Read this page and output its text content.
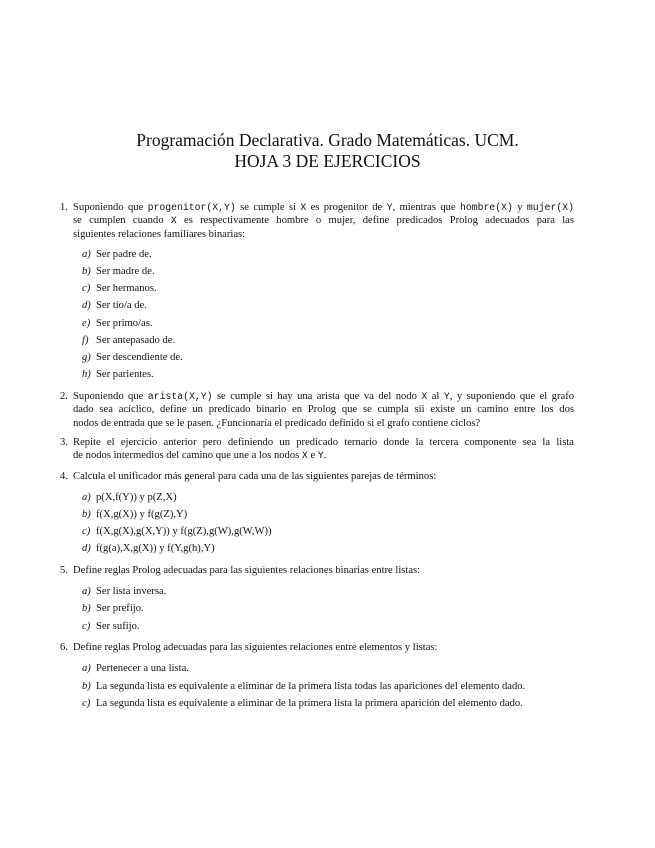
Programación Declarativa. Grado Matemáticas. UCM.
HOJA 3 DE EJERCICIOS
1. Suponiendo que progenitor(X,Y) se cumple si X es progenitor de Y, mientras que hombre(X) y mujer(X)
se cumplen cuando X es respectivamente hombre o mujer, define predicados Prolog adecuados para las
siguientes relaciones familiares binarias:
a) Ser padre de.
b) Ser madre de.
c) Ser hermanos.
d) Ser tío/a de.
e) Ser primo/as.
f) Ser antepasado de.
g) Ser descendiente de.
h) Ser parientes.
2. Suponiendo que arista(X,Y) se cumple si hay una arista que va del nodo X al Y, y suponiendo que el grafo
dado sea acíclico, define un predicado binario en Prolog que se cumpla sii existe un camino entre los dos
nodos de entrada que se le pasen. ¿Funcionaría el predicado definido si el grafo contiene ciclos?
3. Repite el ejercicio anterior pero definiendo un predicado ternario donde la tercera componente sea la lista
de nodos intermedios del camino que une a los nodos X e Y.
4. Calcula el unificador más general para cada una de las siguientes parejas de términos:
a) p(X,f(Y)) y p(Z,X)
b) f(X,g(X)) y f(g(Z),Y)
c) f(X,g(X),g(X,Y)) y f(g(Z),g(W),g(W,W))
d) f(g(a),X,g(X)) y f(Y,g(h),Y)
5. Define reglas Prolog adecuadas para las siguientes relaciones binarias entre listas:
a) Ser lista inversa.
b) Ser prefijo.
c) Ser sufijo.
6. Define reglas Prolog adecuadas para las siguientes relaciones entre elementos y listas:
a) Pertenecer a una lista.
b) La segunda lista es equivalente a eliminar de la primera lista todas las apariciones del elemento dado.
c) La segunda lista es equivalente a eliminar de la primera lista la primera aparición del elemento dado.
